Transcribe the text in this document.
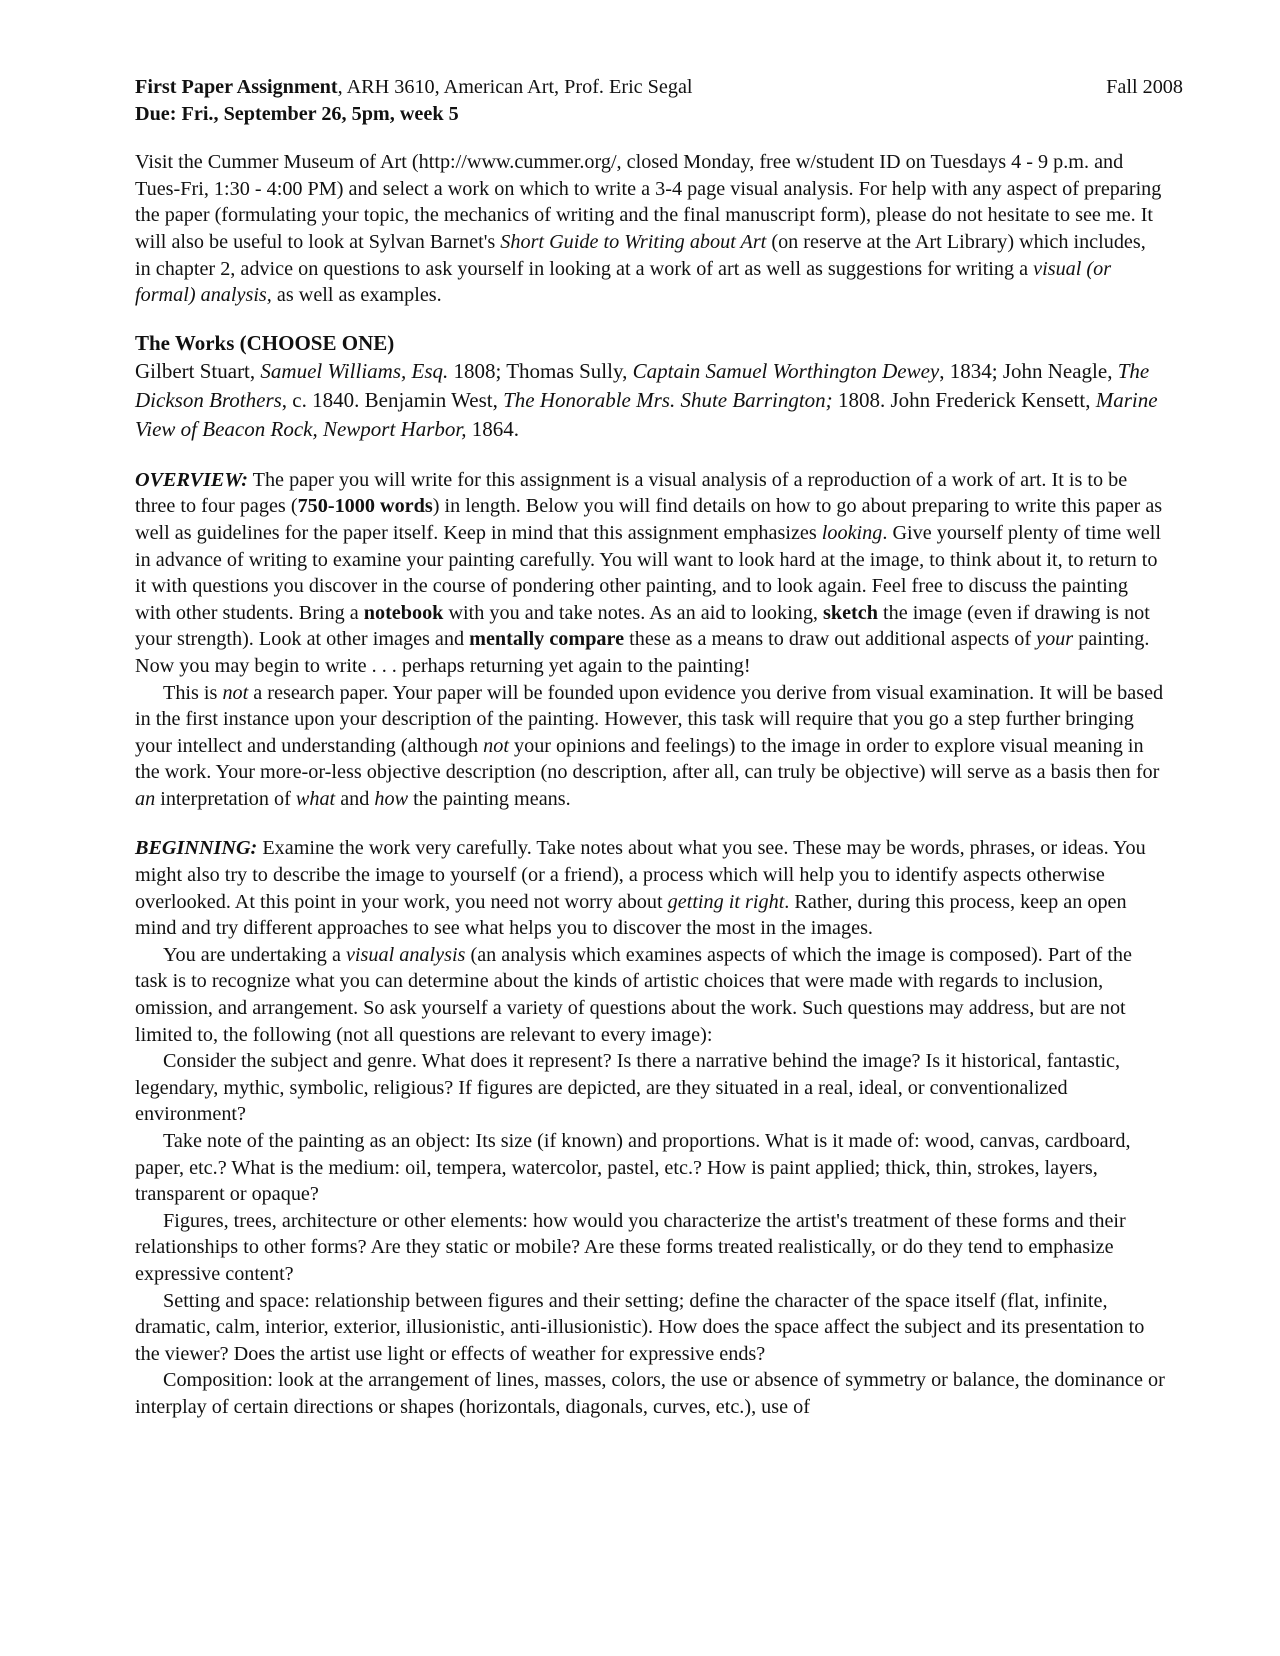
First Paper Assignment, ARH 3610, American Art, Prof. Eric Segal	Fall 2008
Due: Fri., September 26, 5pm, week 5

Visit the Cummer Museum of Art (http://www.cummer.org/, closed Monday, free w/student ID on Tuesdays 4 - 9 p.m. and Tues-Fri, 1:30 - 4:00 PM) and select a work on which to write a 3-4 page visual analysis. For help with any aspect of preparing the paper (formulating your topic, the mechanics of writing and the final manuscript form), please do not hesitate to see me. It will also be useful to look at Sylvan Barnet's Short Guide to Writing about Art (on reserve at the Art Library) which includes, in chapter 2, advice on questions to ask yourself in looking at a work of art as well as suggestions for writing a visual (or formal) analysis, as well as examples.

The Works (CHOOSE ONE)

Gilbert Stuart, Samuel Williams, Esq. 1808; Thomas Sully, Captain Samuel Worthington Dewey, 1834; John Neagle, The Dickson Brothers, c. 1840. Benjamin West, The Honorable Mrs. Shute Barrington; 1808. John Frederick Kensett, Marine View of Beacon Rock, Newport Harbor, 1864.

OVERVIEW: The paper you will write for this assignment is a visual analysis of a reproduction of a work of art. It is to be three to four pages (750-1000 words) in length. Below you will find details on how to go about preparing to write this paper as well as guidelines for the paper itself. Keep in mind that this assignment emphasizes looking. Give yourself plenty of time well in advance of writing to examine your painting carefully. You will want to look hard at the image, to think about it, to return to it with questions you discover in the course of pondering other painting, and to look again. Feel free to discuss the painting with other students. Bring a notebook with you and take notes. As an aid to looking, sketch the image (even if drawing is not your strength). Look at other images and mentally compare these as a means to draw out additional aspects of your painting. Now you may begin to write . . . perhaps returning yet again to the painting!

This is not a research paper. Your paper will be founded upon evidence you derive from visual examination. It will be based in the first instance upon your description of the painting. However, this task will require that you go a step further bringing your intellect and understanding (although not your opinions and feelings) to the image in order to explore visual meaning in the work. Your more-or-less objective description (no description, after all, can truly be objective) will serve as a basis then for an interpretation of what and how the painting means.

BEGINNING: Examine the work very carefully. Take notes about what you see. These may be words, phrases, or ideas. You might also try to describe the image to yourself (or a friend), a process which will help you to identify aspects otherwise overlooked. At this point in your work, you need not worry about getting it right. Rather, during this process, keep an open mind and try different approaches to see what helps you to discover the most in the images.

You are undertaking a visual analysis (an analysis which examines aspects of which the image is composed). Part of the task is to recognize what you can determine about the kinds of artistic choices that were made with regards to inclusion, omission, and arrangement. So ask yourself a variety of questions about the work. Such questions may address, but are not limited to, the following (not all questions are relevant to every image):

Consider the subject and genre. What does it represent? Is there a narrative behind the image? Is it historical, fantastic, legendary, mythic, symbolic, religious? If figures are depicted, are they situated in a real, ideal, or conventionalized environment?

Take note of the painting as an object: Its size (if known) and proportions. What is it made of: wood, canvas, cardboard, paper, etc.? What is the medium: oil, tempera, watercolor, pastel, etc.? How is paint applied; thick, thin, strokes, layers, transparent or opaque?

Figures, trees, architecture or other elements: how would you characterize the artist's treatment of these forms and their relationships to other forms? Are they static or mobile? Are these forms treated realistically, or do they tend to emphasize expressive content?

Setting and space: relationship between figures and their setting; define the character of the space itself (flat, infinite, dramatic, calm, interior, exterior, illusionistic, anti-illusionistic). How does the space affect the subject and its presentation to the viewer? Does the artist use light or effects of weather for expressive ends?

Composition: look at the arrangement of lines, masses, colors, the use or absence of symmetry or balance, the dominance or interplay of certain directions or shapes (horizontals, diagonals, curves, etc.), use of
